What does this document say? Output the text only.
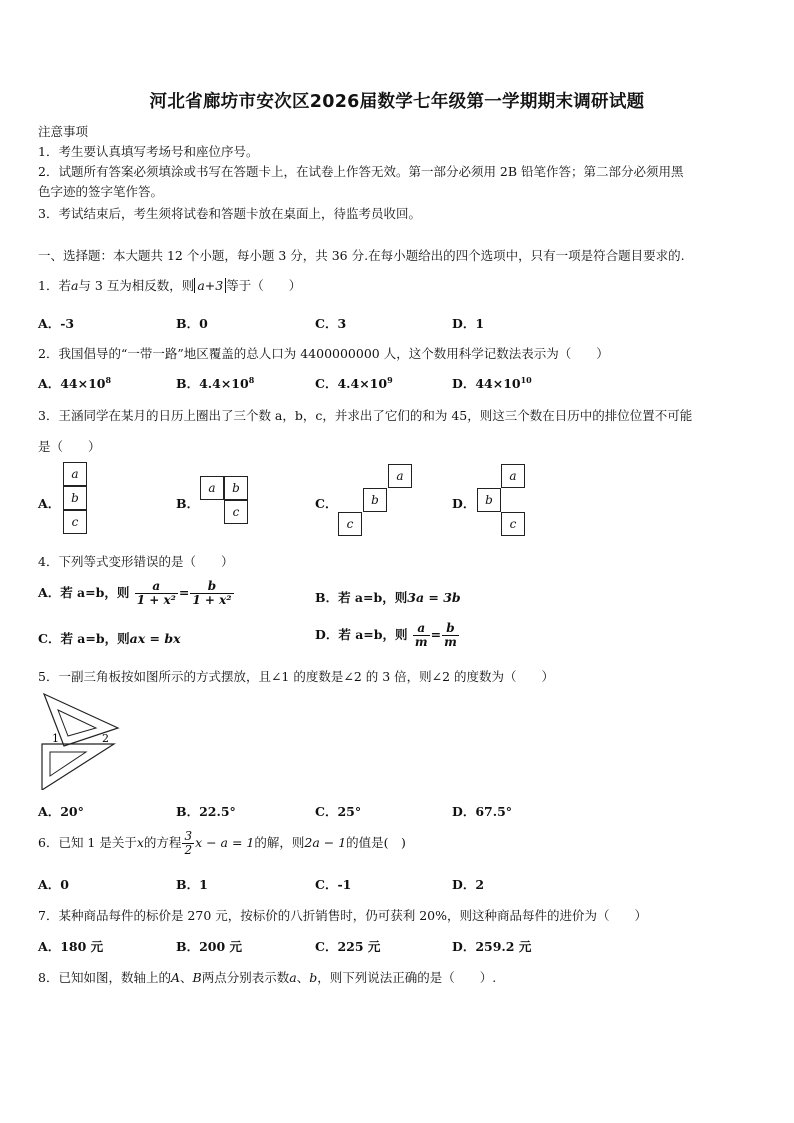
河北省廊坊市安次区2026届数学七年级第一学期期末调研试题
注意事项
1．考生要认真填写考场号和座位序号。
2．试题所有答案必须填涂或书写在答题卡上，在试卷上作答无效。第一部分必须用 2B 铅笔作答；第二部分必须用黑
色字迹的签字笔作答。
3．考试结束后，考生须将试卷和答题卡放在桌面上，待监考员收回。
一、选择题：本大题共 12 个小题，每小题 3 分，共 36 分.在每小题给出的四个选项中，只有一项是符合题目要求的.
1．若a与 3 互为相反数，则 a+3 等于（　　）
A．-3	B．0	C．3	D．1
2．我国倡导的“一带一路”地区覆盖的总人口为 4400000000 人，这个数用科学记数法表示为（　　）
A．$44\times 10^8$	B．$4.4\times 10^8$	C．$4.4\times 10^9$	D．$44\times 10^{10}$
3．王涵同学在某月的日历上圈出了三个数 a，b，c，并求出了它们的和为 45，则这三个数在日历中的排位位置不可能
是（　　）
A．
a
b
c
B．
a	b
c
C．
a
b
c
D．
a
b
c
4．下列等式变形错误的是（　　）
A．若 a=b，则 $\frac{a}{\text{1 + x²}} = \frac{b}{\text{1 + x²}}$	B．若 a=b，则3a = 3b
C．若 a=b，则ax = bx	D．若 a=b，则 $\frac{a}{m} = \frac{b}{m}$
5．一副三角板按如图所示的方式摆放，且∠1 的度数是∠2 的 3 倍，则∠2 的度数为（　　）
1	2
A．20°	B．22.5°	C．25°	D．67.5°
6．已知 1 是关于x的方程 $\frac{3}{2}$ x − a = 1的解，则2a − 1的值是(　)
A．0	B．1	C．-1	D．2
7．某种商品每件的标价是 270 元，按标价的八折销售时，仍可获利 20%，则这种商品每件的进价为（　　）
A．180 元	B．200 元	C．225 元	D．259.2 元
8．已知如图，数轴上的A、B两点分别表示数a、b，则下列说法正确的是（　　）.
